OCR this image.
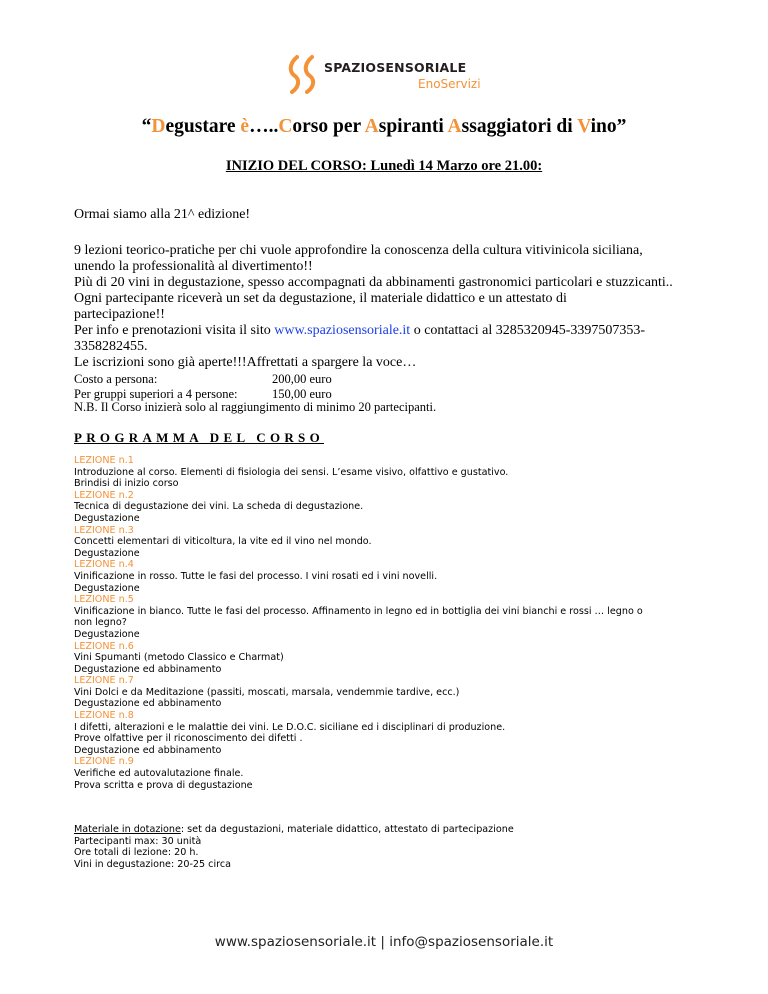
SPAZIOSENSORIALE
EnoServizi
“Degustare è…..Corso per Aspiranti Assaggiatori di Vino”
INIZIO DEL CORSO: Lunedì 14 Marzo ore 21.00:
Ormai siamo alla 21^ edizione!
9 lezioni teorico-pratiche per chi vuole approfondire la conoscenza della cultura vitivinicola siciliana,
unendo la professionalità al divertimento!!
Più di 20 vini in degustazione, spesso accompagnati da abbinamenti gastronomici particolari e stuzzicanti..
Ogni partecipante riceverà un set da degustazione, il materiale didattico e un attestato di
partecipazione!!
Per info e prenotazioni visita il sito www.spaziosensoriale.it o contattaci al 3285320945-3397507353-
3358282455.
Le iscrizioni sono già aperte!!!Affrettati a spargere la voce…
Costo a persona:	200,00 euro
Per gruppi superiori a 4 persone:	150,00 euro
N.B. Il Corso inizierà solo al raggiungimento di minimo 20 partecipanti.
PROGRAMMA DEL CORSO
LEZIONE n.1
Introduzione al corso. Elementi di fisiologia dei sensi. L’esame visivo, olfattivo e gustativo.
Brindisi di inizio corso
LEZIONE n.2
Tecnica di degustazione dei vini. La scheda di degustazione.
Degustazione
LEZIONE n.3
Concetti elementari di viticoltura, la vite ed il vino nel mondo.
Degustazione
LEZIONE n.4
Vinificazione in rosso. Tutte le fasi del processo. I vini rosati ed i vini novelli.
Degustazione
LEZIONE n.5
Vinificazione in bianco. Tutte le fasi del processo. Affinamento in legno ed in bottiglia dei vini bianchi e rossi … legno o
non legno?
Degustazione
LEZIONE n.6
Vini Spumanti (metodo Classico e Charmat)
Degustazione ed abbinamento
LEZIONE n.7
Vini Dolci e da Meditazione (passiti, moscati, marsala, vendemmie tardive, ecc.)
Degustazione ed abbinamento
LEZIONE n.8
I difetti, alterazioni e le malattie dei vini. Le D.O.C. siciliane ed i disciplinari di produzione.
Prove olfattive per il riconoscimento dei difetti .
Degustazione ed abbinamento
LEZIONE n.9
Verifiche ed autovalutazione finale.
Prova scritta e prova di degustazione
Materiale in dotazione: set da degustazioni, materiale didattico, attestato di partecipazione
Partecipanti max: 30 unità
Ore totali di lezione: 20 h.
Vini in degustazione: 20-25 circa
www.spaziosensoriale.it | info@spaziosensoriale.it
